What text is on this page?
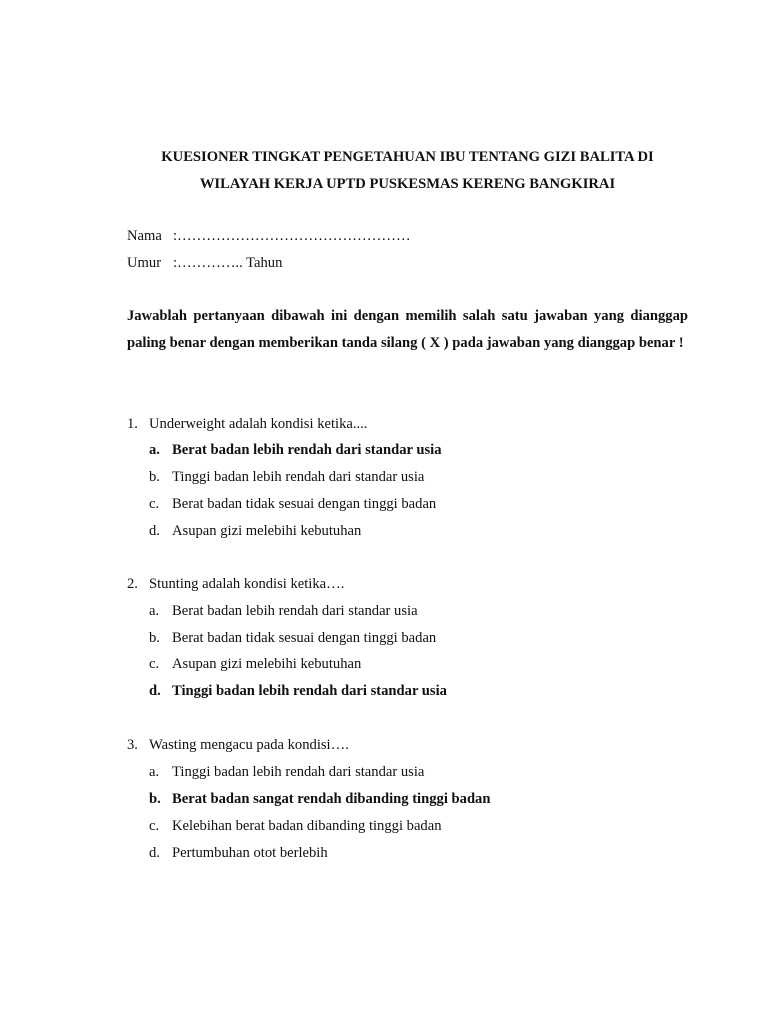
KUESIONER TINGKAT PENGETAHUAN IBU TENTANG GIZI BALITA DI
WILAYAH KERJA UPTD PUSKESMAS KERENG BANGKIRAI
Nama :…………………………………………
Umur :………….. Tahun
Jawablah pertanyaan dibawah ini dengan memilih salah satu jawaban yang dianggap paling benar dengan memberikan tanda silang ( X ) pada jawaban yang dianggap benar !
1. Underweight adalah kondisi ketika....
a. Berat badan lebih rendah dari standar usia
b. Tinggi badan lebih rendah dari standar usia
c. Berat badan tidak sesuai dengan tinggi badan
d. Asupan gizi melebihi kebutuhan
2. Stunting adalah kondisi ketika….
a. Berat badan lebih rendah dari standar usia
b. Berat badan tidak sesuai dengan tinggi badan
c. Asupan gizi melebihi kebutuhan
d. Tinggi badan lebih rendah dari standar usia
3. Wasting mengacu pada kondisi….
a. Tinggi badan lebih rendah dari standar usia
b. Berat badan sangat rendah dibanding tinggi badan
c. Kelebihan berat badan dibanding tinggi badan
d. Pertumbuhan otot berlebih
